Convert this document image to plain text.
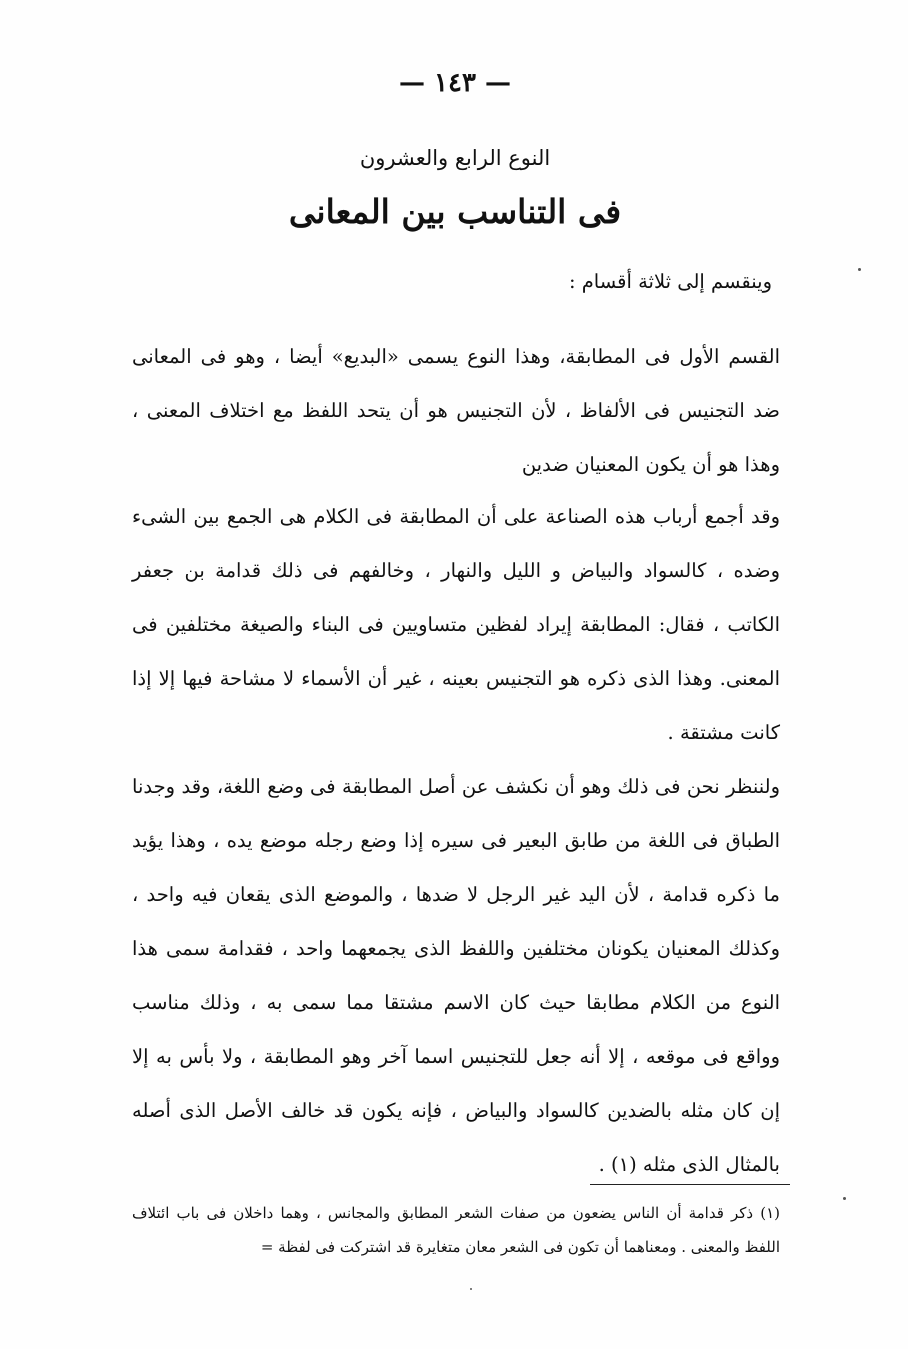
— ١٤٣ —
النوع الرابع والعشرون
فى التناسب بين المعانى
وينقسم إلى ثلاثة أقسام :
القسم الأول فى المطابقة، وهذا النوع يسمى «البديع» أيضا ، وهو فى المعانى ضد التجنيس فى الألفاظ ، لأن التجنيس هو أن يتحد اللفظ مع اختلاف المعنى ، وهذا هو أن يكون المعنيان ضدين
وقد أجمع أرباب هذه الصناعة على أن المطابقة فى الكلام هى الجمع بين الشىء وضده ، كالسواد والبياض و الليل والنهار ، وخالفهم فى ذلك قدامة بن جعفر الكاتب ، فقال: المطابقة إيراد لفظين متساويين فى البناء والصيغة مختلفين فى المعنى. وهذا الذى ذكره هو التجنيس بعينه ، غير أن الأسماء لا مشاحة فيها إلا إذا كانت مشتقة .
ولننظر نحن فى ذلك وهو أن نكشف عن أصل المطابقة فى وضع اللغة، وقد وجدنا الطباق فى اللغة من طابق البعير فى سيره إذا وضع رجله موضع يده ، وهذا يؤيد ما ذكره قدامة ، لأن اليد غير الرجل لا ضدها ، والموضع الذى يقعان فيه واحد ، وكذلك المعنيان يكونان مختلفين واللفظ الذى يجمعهما واحد ، فقدامة سمى هذا النوع من الكلام مطابقا حيث كان الاسم مشتقا مما سمى به ، وذلك مناسب وواقع فى موقعه ، إلا أنه جعل للتجنيس اسما آخر وهو المطابقة ، ولا بأس به إلا إن كان مثله بالضدين كالسواد والبياض ، فإنه يكون قد خالف الأصل الذى أصله بالمثال الذى مثله (١) .
(١) ذكر قدامة أن الناس يضعون من صفات الشعر المطابق والمجانس ، وهما داخلان فى باب ائتلاف اللفظ والمعنى . ومعناهما أن تكون فى الشعر معان متغايرة قد اشتركت فى لفظة =
